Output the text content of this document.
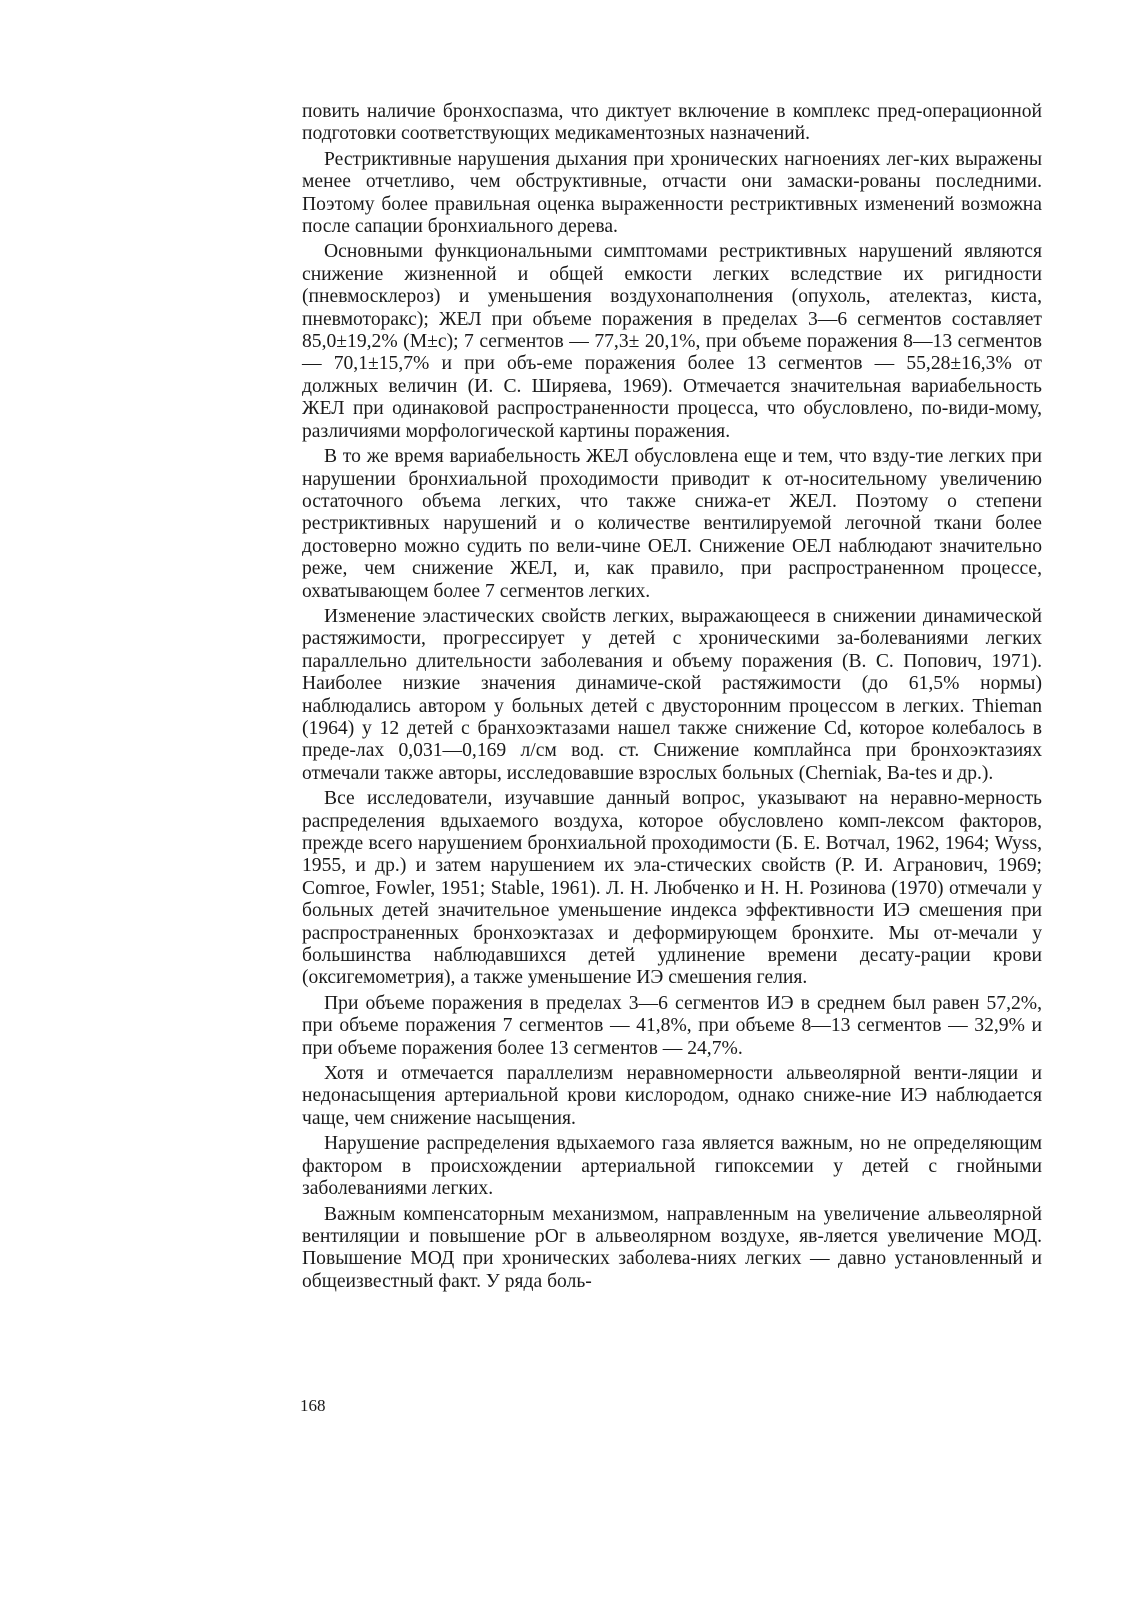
повить наличие бронхоспазма, что диктует включение в комплекс пред-операционной подготовки соответствующих медикаментозных назначений.

Рестриктивные нарушения дыхания при хронических нагноениях лег-ких выражены менее отчетливо, чем обструктивные, отчасти они замаски-рованы последними. Поэтому более правильная оценка выраженности рестриктивных изменений возможна после сапации бронхиального дерева.

Основными функциональными симптомами рестриктивных нарушений являются снижение жизненной и общей емкости легких вследствие их ригидности (пневмосклероз) и уменьшения воздухонаполнения (опухоль, ателектаз, киста, пневмоторакс); ЖЕЛ при объеме поражения в пределах 3—6 сегментов составляет 85,0±19,2% (М±с); 7 сегментов — 77,3± 20,1%, при объеме поражения 8—13 сегментов — 70,1±15,7% и при объ-еме поражения более 13 сегментов — 55,28±16,3% от должных величин (И. С. Ширяева, 1969). Отмечается значительная вариабельность ЖЕЛ при одинаковой распространенности процесса, что обусловлено, по-види-мому, различиями морфологической картины поражения.

В то же время вариабельность ЖЕЛ обусловлена еще и тем, что взду-тие легких при нарушении бронхиальной проходимости приводит к от-носительному увеличению остаточного объема легких, что также снижа-ет ЖЕЛ. Поэтому о степени рестриктивных нарушений и о количестве вентилируемой легочной ткани более достоверно можно судить по вели-чине ОЕЛ. Снижение ОЕЛ наблюдают значительно реже, чем снижение ЖЕЛ, и, как правило, при распространенном процессе, охватывающем более 7 сегментов легких.

Изменение эластических свойств легких, выражающееся в снижении динамической растяжимости, прогрессирует у детей с хроническими за-болеваниями легких параллельно длительности заболевания и объему поражения (В. С. Попович, 1971). Наиболее низкие значения динамиче-ской растяжимости (до 61,5% нормы) наблюдались автором у больных детей с двусторонним процессом в легких. Thieman (1964) у 12 детей с бранхоэктазами нашел также снижение Cd, которое колебалось в преде-лах 0,031—0,169 л/см вод. ст. Снижение комплайнса при бронхоэктазиях отмечали также авторы, исследовавшие взрослых больных (Cherniak, Ba-tes и др.).

Все исследователи, изучавшие данный вопрос, указывают на неравно-мерность распределения вдыхаемого воздуха, которое обусловлено комп-лексом факторов, прежде всего нарушением бронхиальной проходимости (Б. Е. Вотчал, 1962, 1964; Wyss, 1955, и др.) и затем нарушением их эла-стических свойств (Р. И. Агранович, 1969; Comroe, Fowler, 1951; Stable, 1961). Л. Н. Любченко и Н. Н. Розинова (1970) отмечали у больных детей значительное уменьшение индекса эффективности ИЭ смешения при распространенных бронхоэктазах и деформирующем бронхите. Мы от-мечали у большинства наблюдавшихся детей удлинение времени десату-рации крови (оксигемометрия), а также уменьшение ИЭ смешения гелия.

При объеме поражения в пределах 3—6 сегментов ИЭ в среднем был равен 57,2%, при объеме поражения 7 сегментов — 41,8%, при объеме 8—13 сегментов — 32,9% и при объеме поражения более 13 сегментов — 24,7%.

Хотя и отмечается параллелизм неравномерности альвеолярной венти-ляции и недонасыщения артериальной крови кислородом, однако сниже-ние ИЭ наблюдается чаще, чем снижение насыщения.

Нарушение распределения вдыхаемого газа является важным, но не определяющим фактором в происхождении артериальной гипоксемии у детей с гнойными заболеваниями легких.

Важным компенсаторным механизмом, направленным на увеличение альвеолярной вентиляции и повышение рОг в альвеолярном воздухе, яв-ляется увеличение МОД. Повышение МОД при хронических заболева-ниях легких — давно установленный и общеизвестный факт. У ряда боль-

168
